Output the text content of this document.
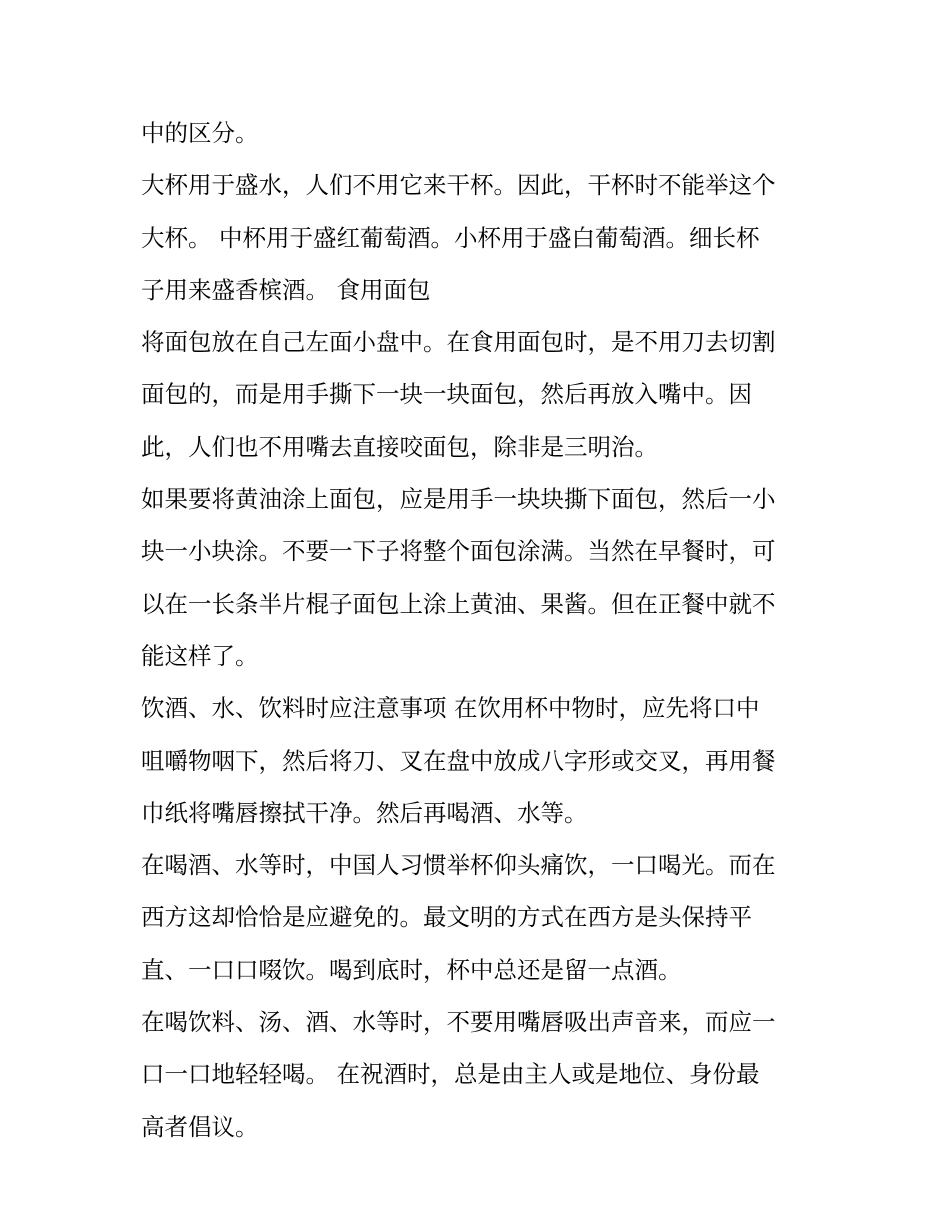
中的区分。
大杯用于盛水，人们不用它来干杯。因此，干杯时不能举这个
大杯。 中杯用于盛红葡萄酒。小杯用于盛白葡萄酒。细长杯
子用来盛香槟酒。 食用面包
将面包放在自己左面小盘中。在食用面包时，是不用刀去切割
面包的，而是用手撕下一块一块面包，然后再放入嘴中。因
此，人们也不用嘴去直接咬面包，除非是三明治。
如果要将黄油涂上面包，应是用手一块块撕下面包，然后一小
块一小块涂。不要一下子将整个面包涂满。当然在早餐时，可
以在一长条半片棍子面包上涂上黄油、果酱。但在正餐中就不
能这样了。
饮酒、水、饮料时应注意事项 在饮用杯中物时，应先将口中
咀嚼物咽下，然后将刀、叉在盘中放成八字形或交叉，再用餐
巾纸将嘴唇擦拭干净。然后再喝酒、水等。
在喝酒、水等时，中国人习惯举杯仰头痛饮，一口喝光。而在
西方这却恰恰是应避免的。最文明的方式在西方是头保持平
直、一口口啜饮。喝到底时，杯中总还是留一点酒。
在喝饮料、汤、酒、水等时，不要用嘴唇吸出声音来，而应一
口一口地轻轻喝。 在祝酒时，总是由主人或是地位、身份最
高者倡议。
